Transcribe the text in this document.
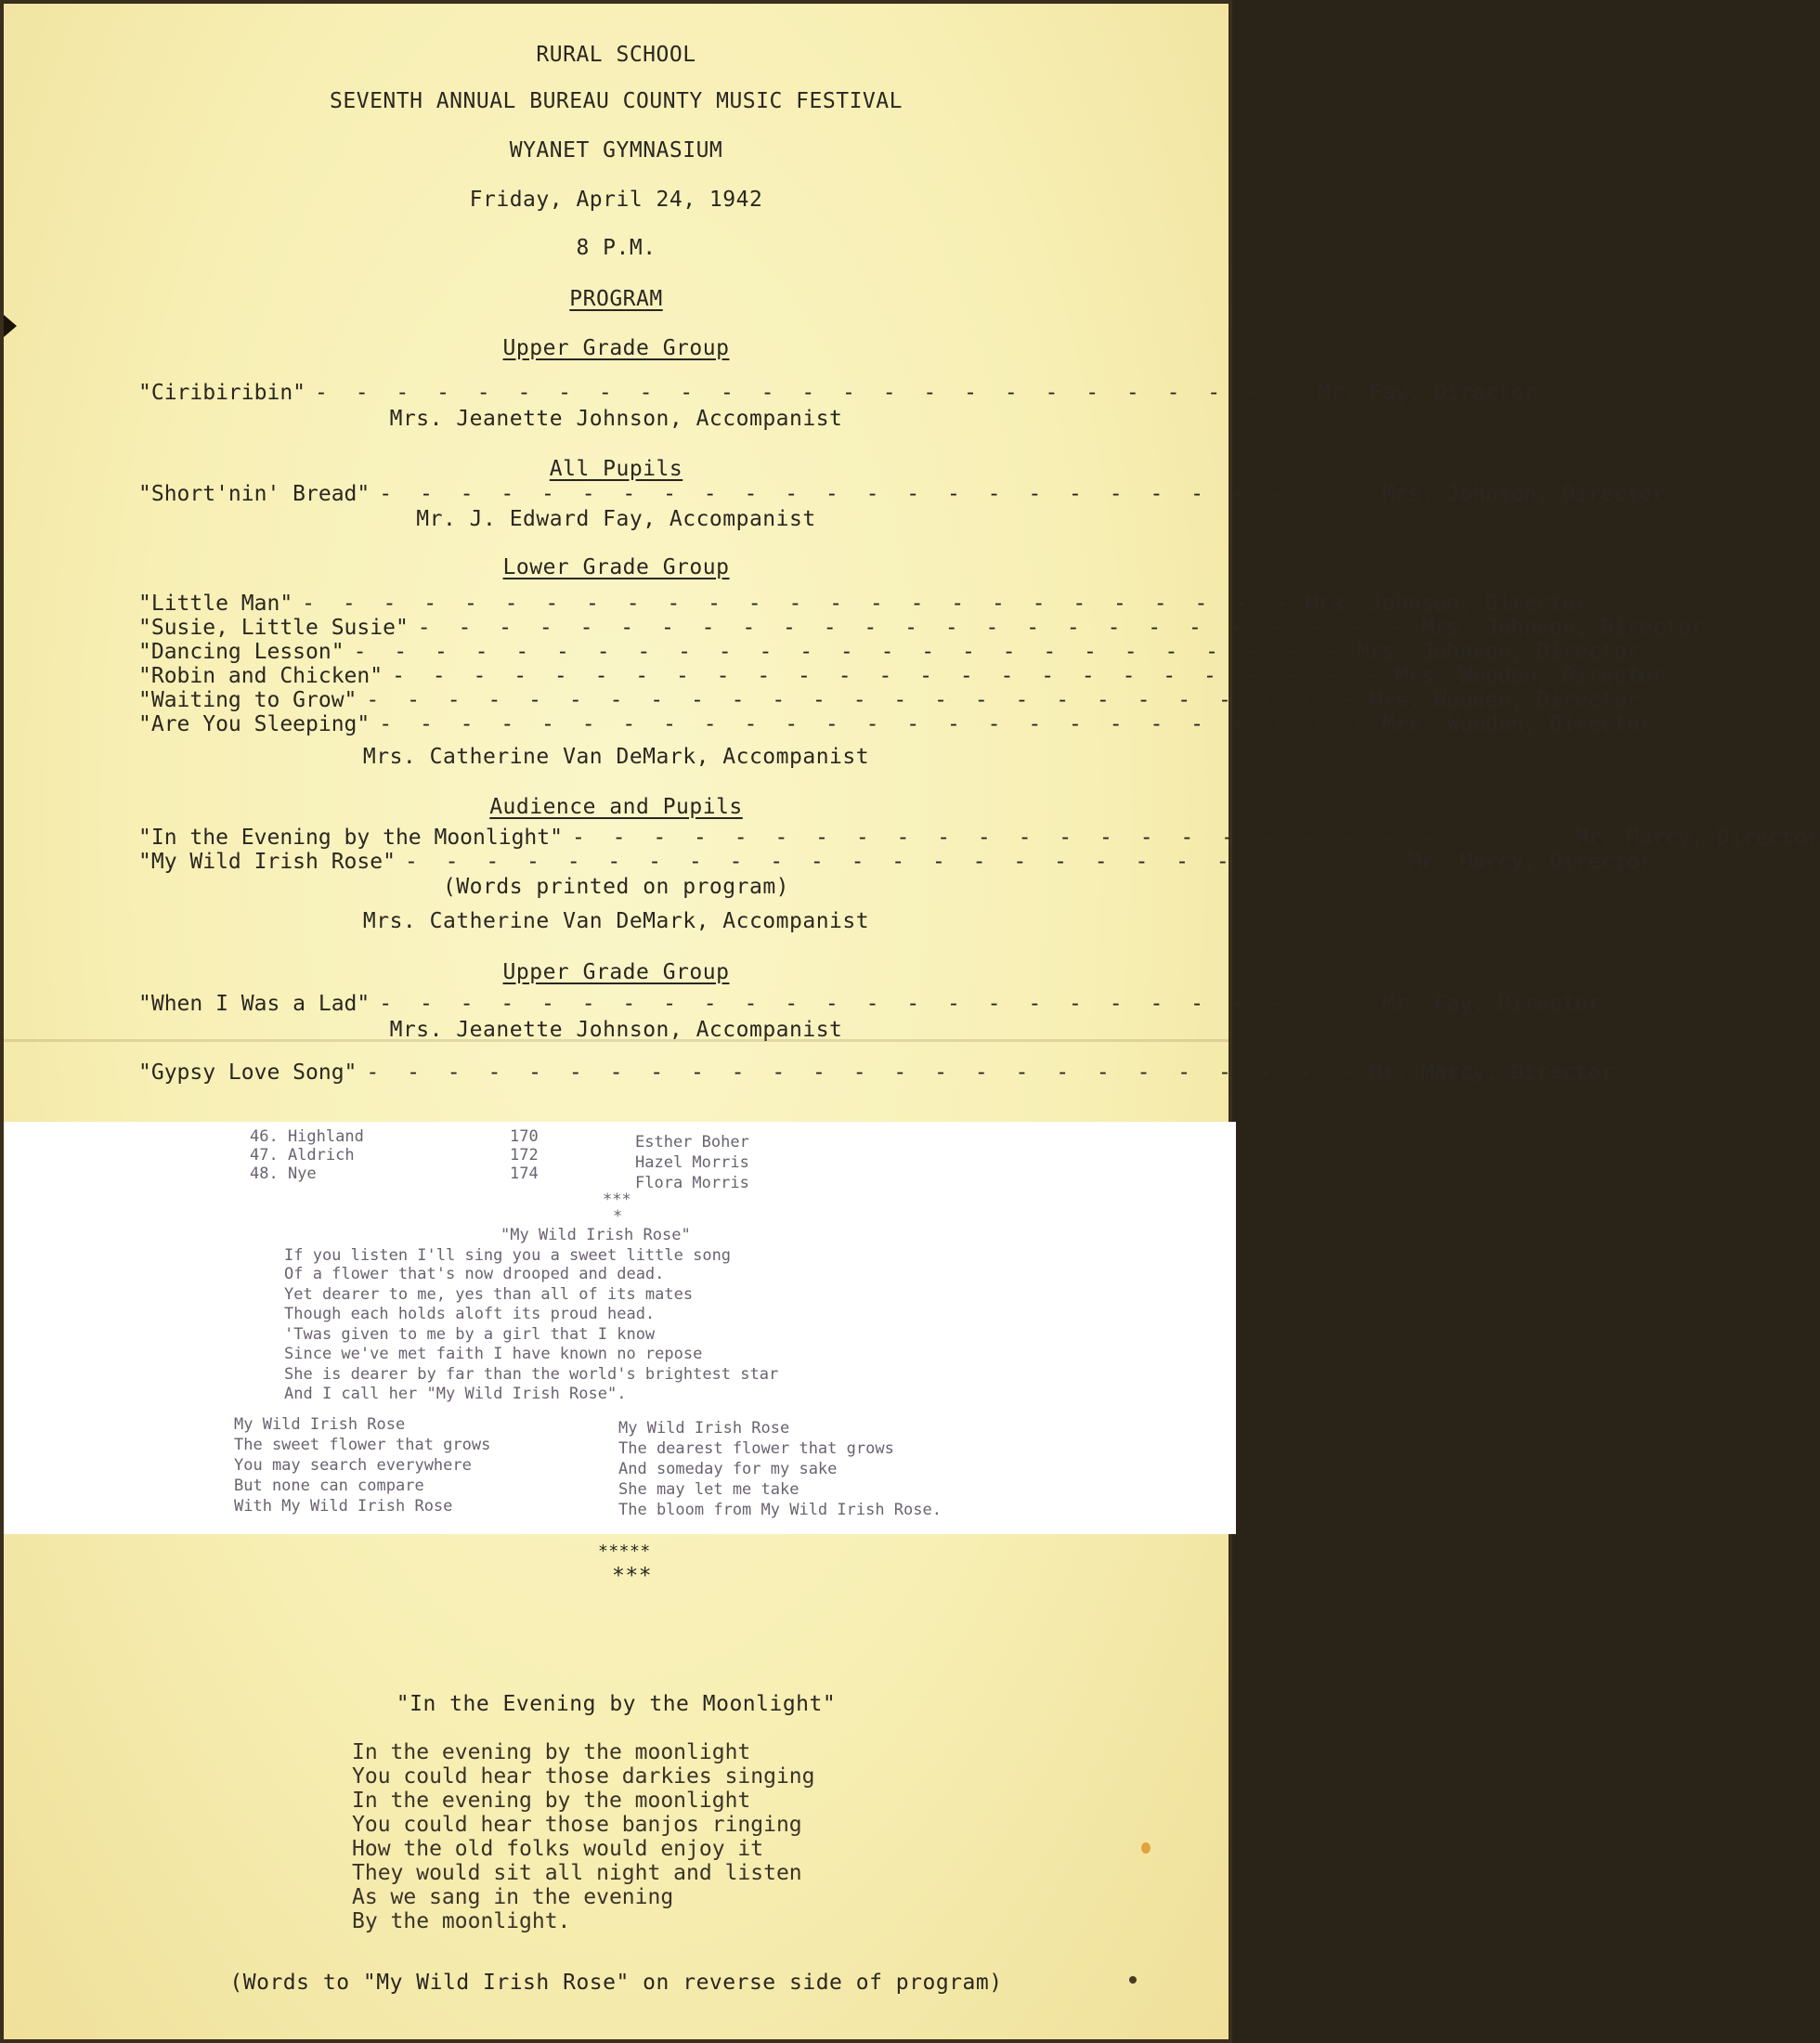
RURAL SCHOOL
SEVENTH ANNUAL BUREAU COUNTY MUSIC FESTIVAL
WYANET GYMNASIUM
Friday, April 24, 1942
8 P.M.
PROGRAM
Upper Grade Group
"Ciribiribin" - - - - - - - - - - - - - - - - - - - - - - - - - Mr. Fay, Director
Mrs. Jeanette Johnson, Accompanist
All Pupils
"Short'nin' Bread" - - - - - - - - - - - - - - - - - - - - - - - - - Mrs. Johnson, Director
Mr. J. Edward Fay, Accompanist
Lower Grade Group
"Little Man" - - - - - - - - - - - - - - - - - - - - - - - - - Mrs. Johnson, Director
"Susie, Little Susie" - - - - - - - - - - - - - - - - - - - - - - - - - Mrs. Johnson, Director
"Dancing Lesson" - - - - - - - - - - - - - - - - - - - - - - - - - Mrs. Johnson, Director
"Robin and Chicken" - - - - - - - - - - - - - - - - - - - - - - - - - Mrs. Wooden, Director
"Waiting to Grow" - - - - - - - - - - - - - - - - - - - - - - - - - Mrs. Wooden, Director
"Are You Sleeping" - - - - - - - - - - - - - - - - - - - - - - - - - Mrs. Wooden, Director
Mrs. Catherine Van DeMark, Accompanist
Audience and Pupils
"In the Evening by the Moonlight" - - - - - - - - - - - - - - - - - - - - - - - - - Mr. Marcy, Director
"My Wild Irish Rose" - - - - - - - - - - - - - - - - - - - - - - - - - Mr. Marcy, Director
(Words printed on program)
Mrs. Catherine Van DeMark, Accompanist
Upper Grade Group
"When I Was a Lad" - - - - - - - - - - - - - - - - - - - - - - - - - Mr. Fay, Director
Mrs. Jeanette Johnson, Accompanist
"Gypsy Love Song" - - - - - - - - - - - - - - - - - - - - - - - - - Mr. Marcy, Director
46. Highland	170	Esther Boher
47. Aldrich	172	Hazel Morris
48. Nye	174	Flora Morris
***
*
"My Wild Irish Rose"
If you listen I'll sing you a sweet little song
Of a flower that's now drooped and dead.
Yet dearer to me, yes than all of its mates
Though each holds aloft its proud head.
'Twas given to me by a girl that I know
Since we've met faith I have known no repose
She is dearer by far than the world's brightest star
And I call her "My Wild Irish Rose".
My Wild Irish Rose
The sweet flower that grows
You may search everywhere
But none can compare
With My Wild Irish Rose
My Wild Irish Rose
The dearest flower that grows
And someday for my sake
She may let me take
The bloom from My Wild Irish Rose.
*****
***
"In the Evening by the Moonlight"
In the evening by the moonlight
You could hear those darkies singing
In the evening by the moonlight
You could hear those banjos ringing
How the old folks would enjoy it
They would sit all night and listen
As we sang in the evening
By the moonlight.
(Words to "My Wild Irish Rose" on reverse side of program)
